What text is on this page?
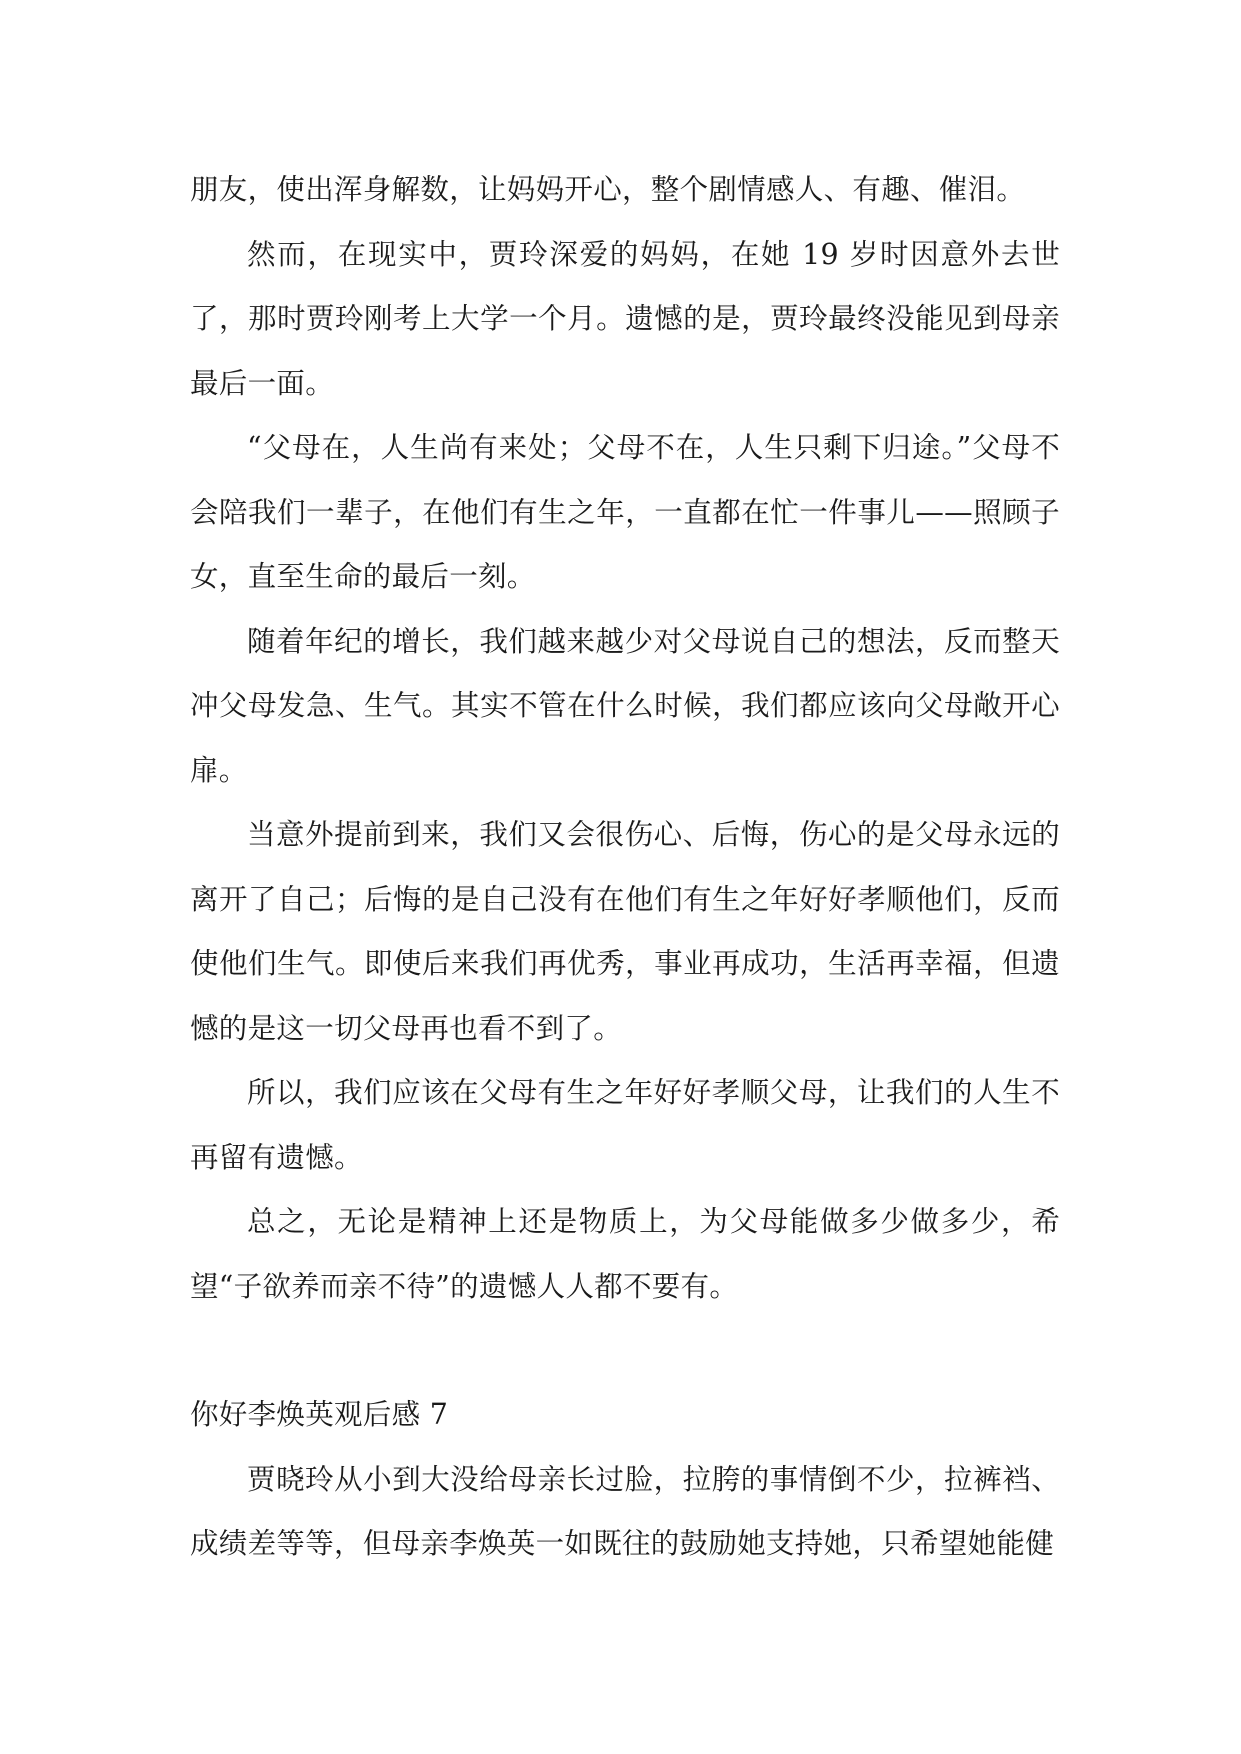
朋友，使出浑身解数，让妈妈开心，整个剧情感人、有趣、催泪。

然而，在现实中，贾玲深爱的妈妈，在她 19 岁时因意外去世了，那时贾玲刚考上大学一个月。遗憾的是，贾玲最终没能见到母亲最后一面。

“父母在，人生尚有来处；父母不在，人生只剩下归途。”父母不会陪我们一辈子，在他们有生之年，一直都在忙一件事儿——照顾子女，直至生命的最后一刻。

随着年纪的增长，我们越来越少对父母说自己的想法，反而整天冲父母发急、生气。其实不管在什么时候，我们都应该向父母敞开心扉。

当意外提前到来，我们又会很伤心、后悔，伤心的是父母永远的离开了自己；后悔的是自己没有在他们有生之年好好孝顺他们，反而使他们生气。即使后来我们再优秀，事业再成功，生活再幸福，但遗憾的是这一切父母再也看不到了。

所以，我们应该在父母有生之年好好孝顺父母，让我们的人生不再留有遗憾。

总之，无论是精神上还是物质上，为父母能做多少做多少，希望“子欲养而亲不待”的遗憾人人都不要有。

你好李焕英观后感 7

贾晓玲从小到大没给母亲长过脸，拉胯的事情倒不少，拉裤裆、成绩差等等，但母亲李焕英一如既往的鼓励她支持她，只希望她能健
